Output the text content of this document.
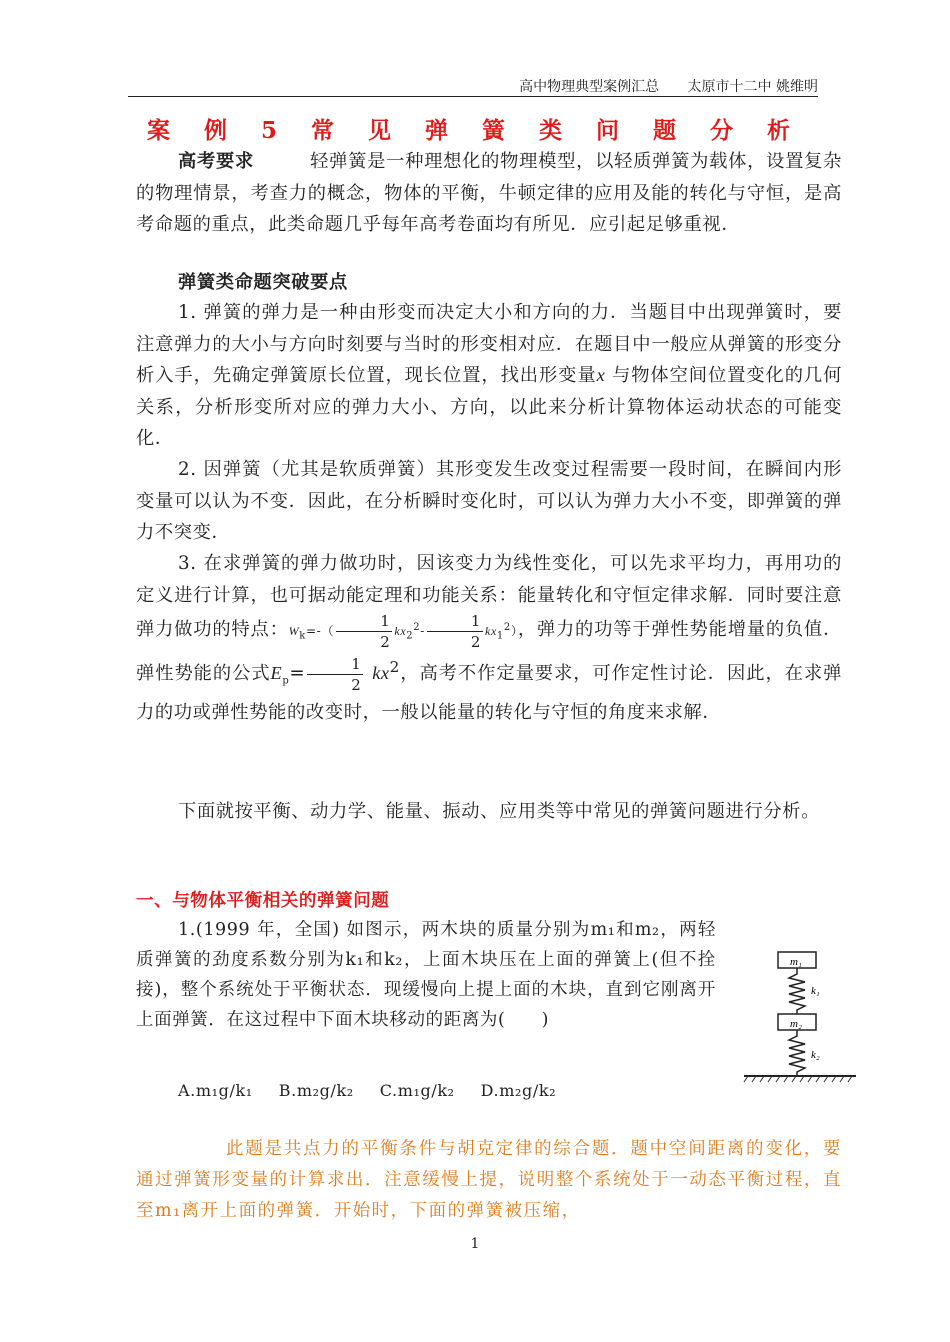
高中物理典型案例汇总 太原市十二中 姚维明
案 例 5 常 见 弹 簧 类 问 题 分 析

高考要求	轻弹簧是一种理想化的物理模型，以轻质弹簧为载体，设置复杂的物理情景，考查力的概念，物体的平衡，牛顿定律的应用及能的转化与守恒，是高考命题的重点，此类命题几乎每年高考卷面均有所见．应引起足够重视．

弹簧类命题突破要点

1. 弹簧的弹力是一种由形变而决定大小和方向的力．当题目中出现弹簧时，要注意弹力的大小与方向时刻要与当时的形变相对应．在题目中一般应从弹簧的形变分析入手，先确定弹簧原长位置，现长位置，找出形变量x 与物体空间位置变化的几何关系，分析形变所对应的弹力大小、方向，以此来分析计算物体运动状态的可能变化．

2. 因弹簧（尤其是软质弹簧）其形变发生改变过程需要一段时间，在瞬间内形变量可以认为不变．因此，在分析瞬时变化时，可以认为弹力大小不变，即弹簧的弹力不突变．

3. 在求弹簧的弹力做功时，因该变力为线性变化，可以先求平均力，再用功的定义进行计算，也可据动能定理和功能关系：能量转化和守恒定律求解．同时要注意弹力做功的特点：$W_k=-( \frac{1}{2} kx_2^2- \frac{1}{2} kx_1^2)$，弹力的功等于弹性势能增量的负值．弹性势能的公式$E_p= \frac{1}{2} kx^2$，高考不作定量要求，可作定性讨论．因此，在求弹力的功或弹性势能的改变时，一般以能量的转化与守恒的角度来求解．

下面就按平衡、动力学、能量、振动、应用类等中常见的弹簧问题进行分析。

一、与物体平衡相关的弹簧问题

1.(1999 年，全国) 如图示，两木块的质量分别为m₁和m₂，两轻质弹簧的劲度系数分别为k₁和k₂，上面木块压在上面的弹簧上(但不拴接)，整个系统处于平衡状态．现缓慢向上提上面的木块，直到它刚离开上面弹簧．在这过程中下面木块移动的距离为(　　)

A.m₁g/k₁ B.m₂g/k₂ C.m₁g/k₂ D.m₂g/k₂

此题是共点力的平衡条件与胡克定律的综合题．题中空间距离的变化，要通过弹簧形变量的计算求出．注意缓慢上提，说明整个系统处于一动态平衡过程，直至m₁离开上面的弹簧．开始时，下面的弹簧被压缩，

m₁
k₁
m₂
k₂
1
